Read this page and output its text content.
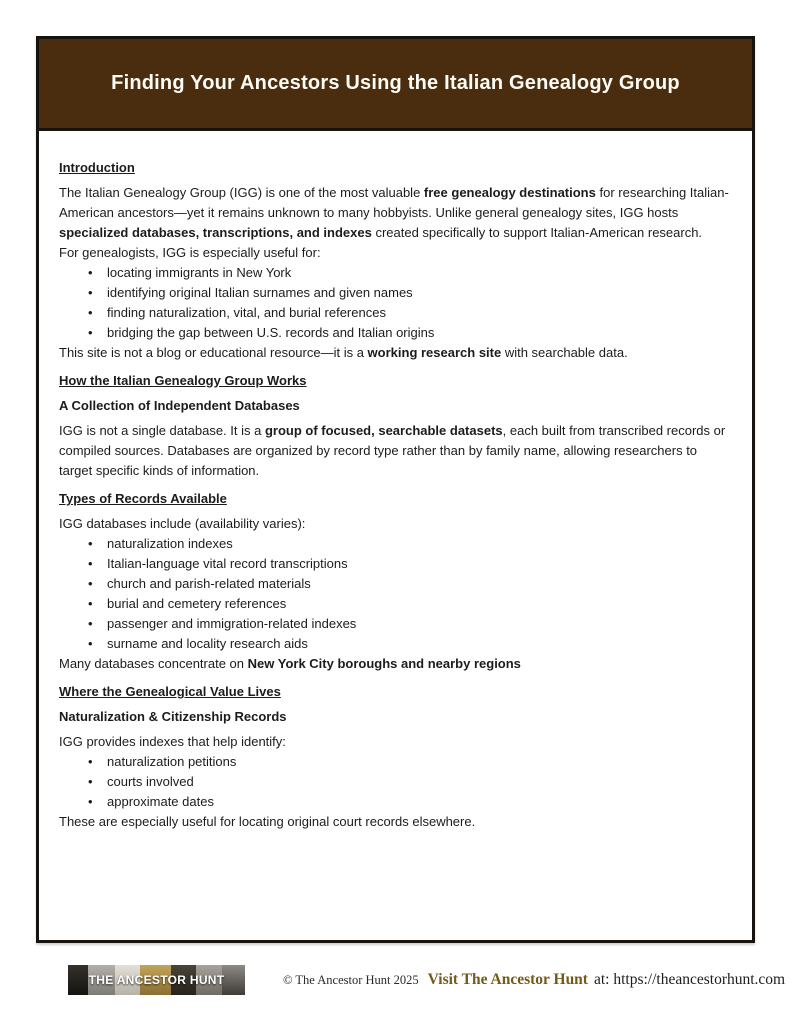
Finding Your Ancestors Using the Italian Genealogy Group
Introduction

The Italian Genealogy Group (IGG) is one of the most valuable free genealogy destinations for researching Italian-American ancestors—yet it remains unknown to many hobbyists. Unlike general genealogy sites, IGG hosts specialized databases, transcriptions, and indexes created specifically to support Italian-American research.

For genealogists, IGG is especially useful for:

• locating immigrants in New York
• identifying original Italian surnames and given names
• finding naturalization, vital, and burial references
• bridging the gap between U.S. records and Italian origins

This site is not a blog or educational resource—it is a working research site with searchable data.

How the Italian Genealogy Group Works
A Collection of Independent Databases

IGG is not a single database. It is a group of focused, searchable datasets, each built from transcribed records or compiled sources. Databases are organized by record type rather than by family name, allowing researchers to target specific kinds of information.

Types of Records Available

IGG databases include (availability varies):

• naturalization indexes
• Italian-language vital record transcriptions
• church and parish-related materials
• burial and cemetery references
• passenger and immigration-related indexes
• surname and locality research aids

Many databases concentrate on New York City boroughs and nearby regions

Where the Genealogical Value Lives
Naturalization & Citizenship Records

IGG provides indexes that help identify:

• naturalization petitions
• courts involved
• approximate dates

These are especially useful for locating original court records elsewhere.

THE ANCESTOR HUNT	© The Ancestor Hunt 2025 Visit The Ancestor Hunt at: https://theancestorhunt.com
